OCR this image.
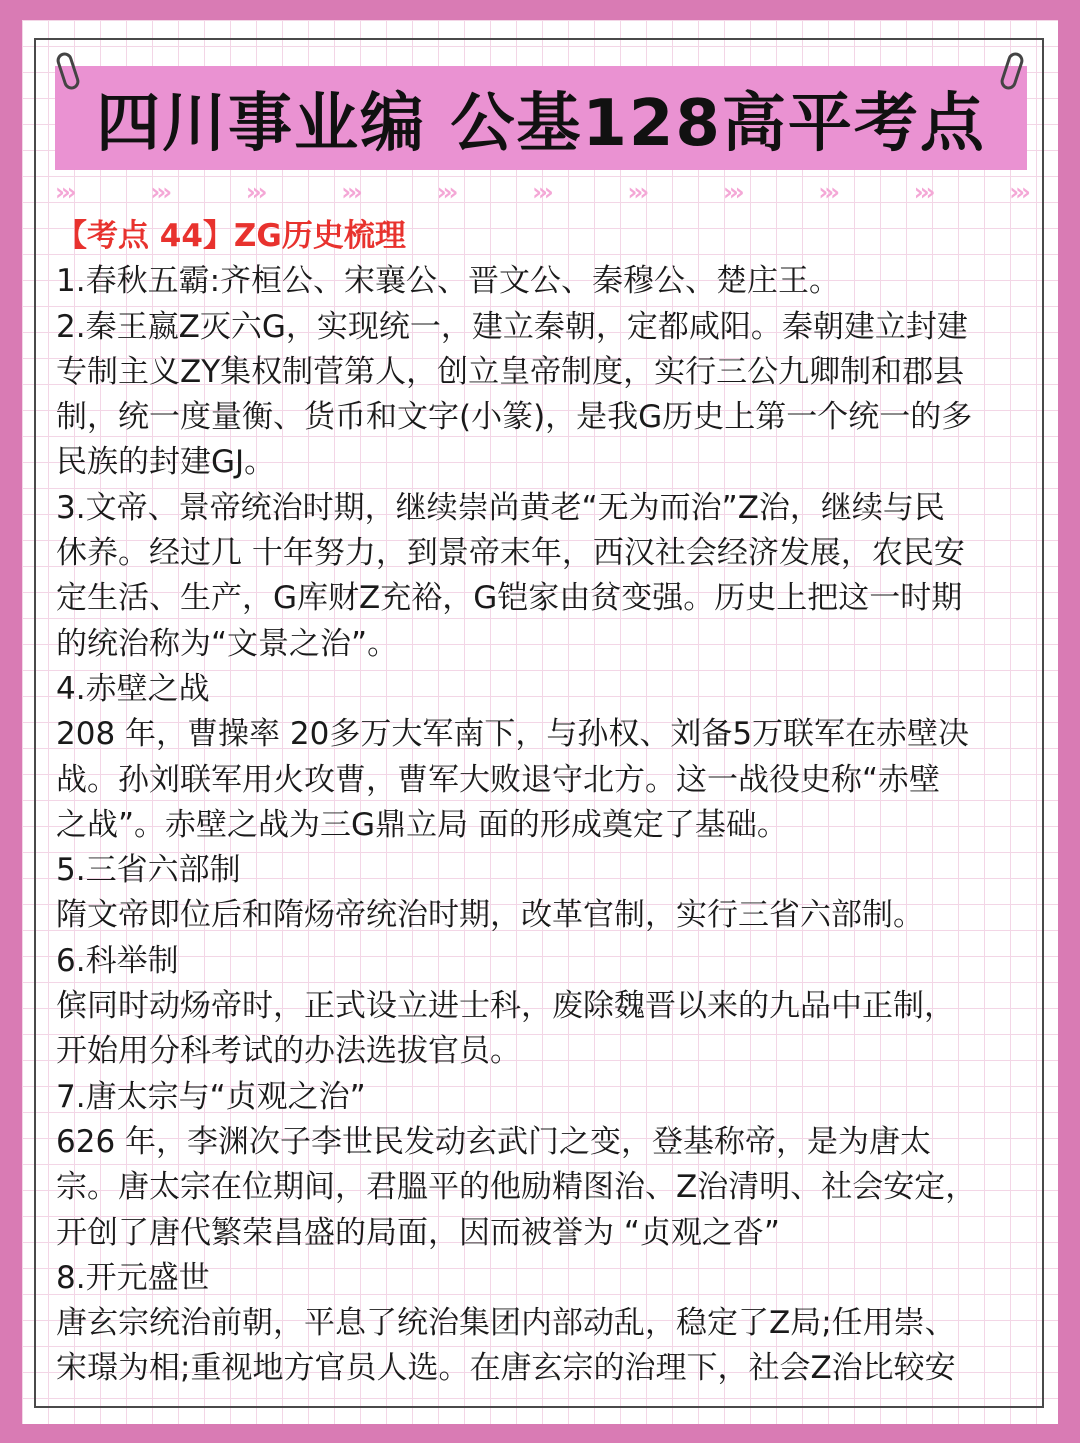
四川事业编 公基128高平考点
›››	›››	›››	›››	›››	›››	›››	›››	›››	›››	›››
【考点 44】ZG历史梳理
1.春秋五霸:齐桓公、宋襄公、晋文公、秦穆公、楚庄王。
2.秦王嬴Z灭六G，实现统一，建立秦朝，定都咸阳。秦朝建立封建
专制主义ZY集权制菅第人，创立皇帝制度，实行三公九卿制和郡县
制，统一度量衡、货币和文字(小篆)，是我G历史上第一个统一的多
民族的封建GJ。
3.文帝、景帝统治时期，继续崇尚黄老“无为而治”Z治，继续与民
休养。经过几 十年努力，到景帝末年，西汉社会经济发展，农民安
定生活、生产，G库财Z充裕，G铠家由贫变强。历史上把这一时期
的统治称为“文景之治”。
4.赤壁之战
208 年，曹操率 20多万大军南下，与孙权、刘备5万联军在赤壁决
战。孙刘联军用火攻曹，曹军大败退守北方。这一战役史称“赤壁
之战”。赤壁之战为三G鼎立局 面的形成奠定了基础。
5.三省六部制
隋文帝即位后和隋炀帝统治时期，改革官制，实行三省六部制。
6.科举制
傧同时动炀帝时，正式设立进士科，废除魏晋以来的九品中正制，
开始用分科考试的办法选拔官员。
7.唐太宗与“贞观之治”
626 年，李渊次子李世民发动玄武门之变，登基称帝，是为唐太
宗。唐太宗在位期间，君膃平的他励精图治、Z治清明、社会安定，
开创了唐代繁荣昌盛的局面，因而被誉为 “贞观之沓”
8.开元盛世
唐玄宗统治前朝，平息了统治集团内部动乱，稳定了Z局;任用崇、
宋璟为相;重视地方官员人选。在唐玄宗的治理下，社会Z治比较安
